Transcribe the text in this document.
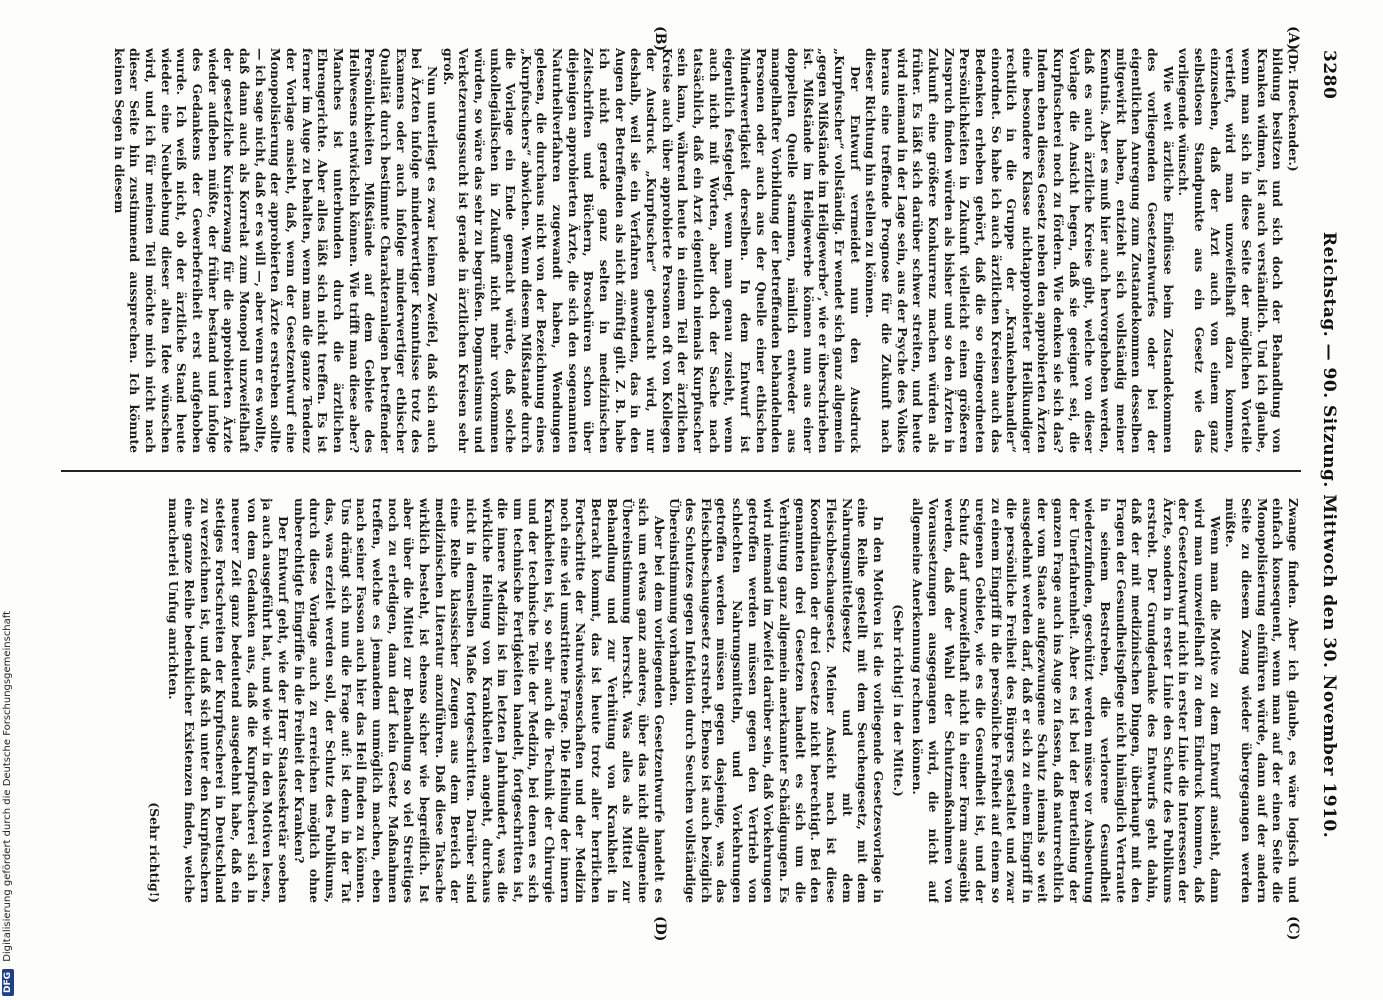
3280
Reichstag. — 90. Sitzung. Mittwoch den 30. November 1910.
(A)
(B)
(C)
(D)

(Dr. Hoeckender.)

bildung besitzen und sich doch der Behandlung von Kranken widmen, ist auch verständlich. Und ich glaube, wenn man sich in diese Seite der möglichen Vorteile vertieft, wird man unzweifelhaft dazu kommen, einzusehen, daß der Arzt auch von einem ganz selbstlosen Standpunkte aus ein Gesetz wie das vorliegende wünscht.

Wie weit ärztliche Einflüsse beim Zustandekommen des vorliegenden Gesetzentwurfes oder bei der eigentlichen Anregung zum Zustandekommen desselben mitgewirkt haben, entzieht sich vollständig meiner Kenntnis. Aber es muß hier auch hervorgehoben werden, daß es auch ärztliche Kreise gibt, welche von dieser Vorlage die Ansicht hegen, daß sie geeignet sei, die Kurpfuscherei noch zu fördern. Wie denken sie sich das? Indem eben dieses Gesetz neben den approbierten Ärzten eine besondere Klasse nichtapprobierter Heilkundiger rechtlich in die Gruppe der „Krankenbehandler“ einordnet. So habe ich auch ärztlichen Kreisen auch das Bedenken erheben gehört, daß die so eingeordneten Persönlichkeiten in Zukunft vielleicht einen größeren Zuspruch finden würden als bisher und so den Ärzten in Zukunft eine größere Konkurrenz machen würden als früher. Es läßt sich darüber schwer streiten, und heute wird niemand in der Lage sein, aus der Psyche des Volkes heraus eine treffende Prognose für die Zukunft nach dieser Richtung hin stellen zu können.

Der Entwurf vermeidet nun den Ausdruck „Kurpfuscher“ vollständig. Er wendet sich ganz allgemein „gegen Mißstände im Heilgewerbe“, wie er überschrieben ist. Mißstände im Heilgewerbe können nun aus einer doppelten Quelle stammen, nämlich entweder aus mangelhafter Vorbildung der betreffenden behandelnden Personen oder auch aus der Quelle einer ethischen Minderwertigkeit derselben. In dem Entwurf ist eigentlich festgelegt, wenn man genau zusieht, wenn auch nicht mit Worten, aber doch der Sache nach tatsächlich, daß ein Arzt eigentlich niemals Kurpfuscher sein kann, während heute in einem Teil der ärztlichen Kreise auch über approbierte Personen oft von Kollegen der Ausdruck „Kurpfuscher“ gebraucht wird, nur deshalb, weil sie ein Verfahren anwenden, das in den Augen der Betreffenden als nicht zünftig gilt. Z. B. habe ich nicht gerade ganz selten in medizinischen Zeitschriften und Büchern, Broschüren schon über diejenigen approbierten Ärzte, die sich den sogenannten Naturheilverfahren zugewandt haben, Wendungen gelesen, die durchaus nicht von der Bezeichnung eines „Kurpfuschers“ abwichen. Wenn diesem Mißstande durch die Vorlage ein Ende gemacht würde, daß solche unkollegialischen in Zukunft nicht mehr vorkommen würden, so wäre das sehr zu begrüßen. Dogmatismus und Verketzerungssucht ist gerade in ärztlichen Kreisen sehr groß.

Nun unterliegt es zwar keinem Zweifel, daß sich auch bei Ärzten infolge minderwertiger Kenntnisse trotz des Examens oder auch infolge minderwertiger ethischer Qualität durch bestimmte Charakteranlagen betreffender Persönlichkeiten Mißstände auf dem Gebiete des Heilwesens entwickeln können. Wie trifft man diese aber? Manches ist unterbunden durch die ärztlichen Ehrengerichte. Aber alles läßt sich nicht treffen. Es ist ferner im Auge zu behalten, wenn man die ganze Tendenz der Vorlage ansieht, daß, wenn der Gesetzentwurf eine Monopolisierung der approbierten Ärzte erstreben sollte — ich sage nicht, daß er es will —, aber wenn er es wollte, daß dann auch als Korrelat zum Monopol unzweifelhaft der gesetzliche Kurierzwang für die approbierten Ärzte wieder aufleben müßte, der früher bestand und infolge des Gedankens der Gewerbefreiheit erst aufgehoben wurde. Ich weiß nicht, ob der ärztliche Stand heute wieder eine Neubelebung dieser alten Idee wünschen wird, und ich für meinen Teil möchte mich nicht nach dieser Seite hin zustimmend aussprechen. Ich könnte keinen Segen in diesem

Zwange finden. Aber ich glaube, es wäre logisch und einfach konsequent, wenn man auf der einen Seite die Monopolisierung einführen würde, dann auf der andern Seite zu diesem Zwang wieder übergegangen werden müßte.

Wenn man die Motive zu dem Entwurf ansieht, dann wird man unzweifelhaft zu dem Eindruck kommen, daß der Gesetzentwurf nicht in erster Linie die Interessen der Ärzte, sondern in erster Linie den Schutz des Publikums erstrebt. Der Grundgedanke des Entwurfs geht dahin, daß der mit medizinischen Dingen, überhaupt mit den Fragen der Gesundheitspflege nicht hinlänglich Vertraute in seinem Bestreben, die verlorene Gesundheit wiederzufinden, geschützt werden müsse vor Ausbeutung der Unerfahrenheit. Aber es ist bei der Beurteilung der ganzen Frage auch ins Auge zu fassen, daß naturrechtlich der vom Staate aufgezwungene Schutz niemals so weit ausgedehnt werden darf, daß er sich zu einem Eingriff in die persönliche Freiheit des Bürgers gestaltet und zwar zu einem Eingriff in die persönliche Freiheit auf einem so ureigenen Gebiete, wie es die Gesundheit ist, und der Schutz darf unzweifelhaft nicht in einer Form ausgeübt werden, daß der Wahl der Schutzmaßnahmen von Voraussetzungen ausgegangen wird, die nicht auf allgemeine Anerkennung rechnen können.

(Sehr richtig! in der Mitte.)

In den Motiven ist die vorliegende Gesetzesvorlage in eine Reihe gestellt mit dem Seuchengesetz, mit dem Nahrungsmittelgesetz und mit dem Fleischbeschaugesetz. Meiner Ansicht nach ist diese Koordination der drei Gesetze nicht berechtigt. Bei den genannten drei Gesetzen handelt es sich um die Verhütung ganz allgemein anerkannter Schädigungen. Es wird niemand im Zweifel darüber sein, daß Vorkehrungen getroffen werden müssen gegen den Vertrieb von schlechten Nahrungsmitteln, und Vorkehrungen getroffen werden müssen gegen dasjenige, was das Fleischbeschaugesetz erstrebt. Ebenso ist auch bezüglich des Schutzes gegen Infektion durch Seuchen vollständige Übereinstimmung vorhanden.

Aber bei dem vorliegenden Gesetzentwurfe handelt es sich um etwas ganz anderes, über das nicht allgemeine Übereinstimmung herrscht. Was alles als Mittel zur Behandlung und zur Verhütung von Krankheit in Betracht kommt, das ist heute trotz aller herrlichen Fortschritte der Naturwissenschaften und der Medizin noch eine viel umstrittene Frage. Die Heilung der innern Krankheiten ist, so sehr auch die Technik der Chirurgie und der technische Teile der Medizin, bei denen es sich um technische Fertigkeiten handelt, fortgeschritten ist, die innere Medizin ist im letzten Jahrhundert, was die wirkliche Heilung von Krankheiten angeht, durchaus nicht in demselben Maße fortgeschritten. Darüber sind eine Reihe klassischer Zeugen aus dem Bereich der medizinischen Literatur anzuführen. Daß diese Tatsache wirklich besteht, ist ebenso sicher wie begreiflich. Ist aber über die Mittel zur Behandlung so viel Streitiges noch zu erledigen, dann darf kein Gesetz Maßnahmen treffen, welche es jemandem unmöglich machen, eben nach seiner Fasson auch hier das Heil finden zu können. Uns drängt sich nun die Frage auf: ist denn in der Tat das, was erzielt werden soll, der Schutz des Publikums, durch diese Vorlage auch zu erreichen möglich ohne unberechtigte Eingriffe in die Freiheit der Kranken?

Der Entwurf geht, wie der Herr Staatssekretär soeben ja auch ausgeführt hat, und wie wir in den Motiven lesen, von dem Gedanken aus, daß die Kurpfuscherei sich in neuerer Zeit ganz bedeutend ausgedehnt habe, daß ein stetiges Fortschreiten der Kurpfuscherei in Deutschland zu verzeichnen ist, und daß sich unter den Kurpfuschern eine ganze Reihe bedenklicher Existenzen finden, welche mancherlei Unfug anrichten.

(Sehr richtig!)

DFG Digitalisierung gefördert durch die Deutsche Forschungsgemeinschaft
